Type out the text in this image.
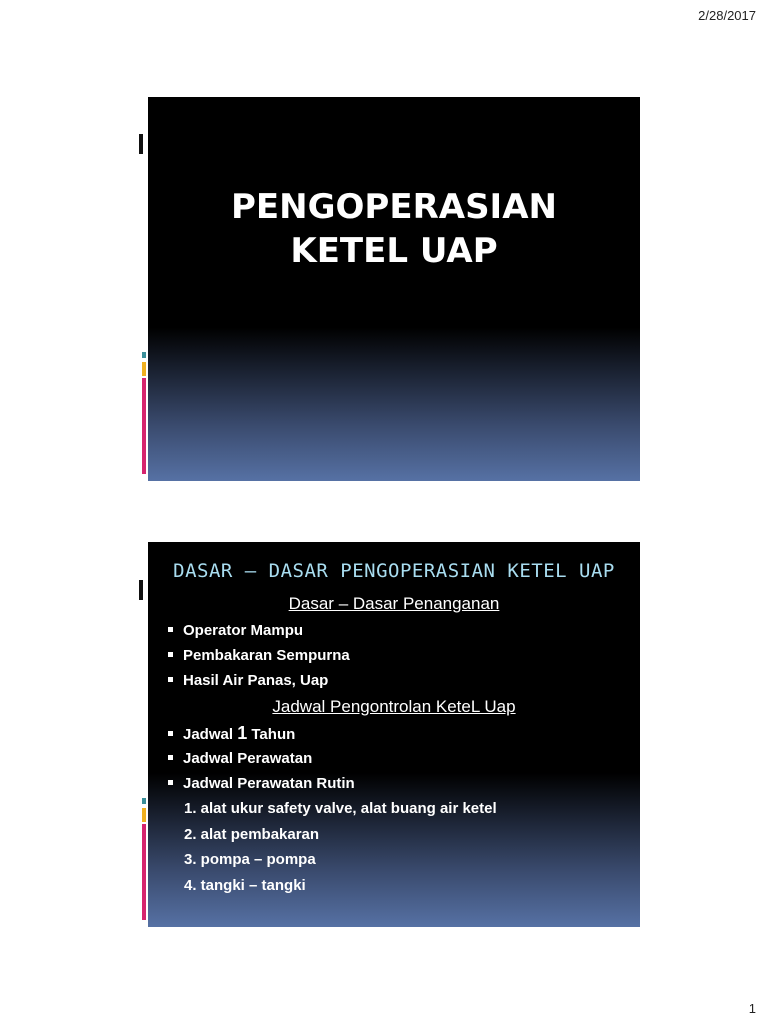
2/28/2017
PENGOPERASIAN
KETEL UAP
DASAR – DASAR PENGOPERASIAN KETEL UAP
Dasar – Dasar Penanganan
Operator Mampu
Pembakaran Sempurna
Hasil Air Panas, Uap
Jadwal Pengontrolan KeteL Uap
Jadwal 1 Tahun
Jadwal Perawatan
Jadwal Perawatan Rutin
1. alat ukur safety valve, alat buang air ketel
2. alat pembakaran
3. pompa – pompa
4. tangki – tangki
1
